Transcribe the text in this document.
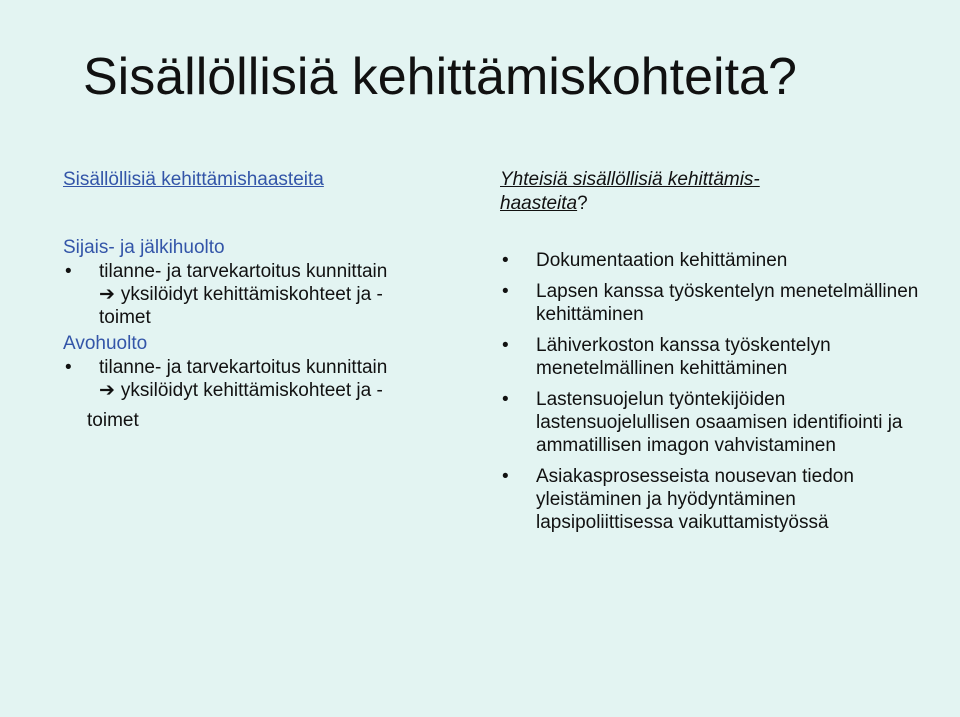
Sisällöllisiä kehittämiskohteita?

Sisällöllisiä kehittämishaasteita

Sijais- ja jälkihuolto

• tilanne- ja tarvekartoitus kunnittain
➔ yksilöidyt kehittämiskohteet ja -
toimet

Avohuolto

• tilanne- ja tarvekartoitus kunnittain
➔ yksilöidyt kehittämiskohteet ja -

toimet

Yhteisiä sisällöllisiä kehittämis-
haasteita?

• Dokumentaation kehittäminen
• Lapsen kanssa työskentelyn menetelmällinen kehittäminen
• Lähiverkoston kanssa työskentelyn menetelmällinen kehittäminen
• Lastensuojelun työntekijöiden lastensuojelullisen osaamisen identifiointi ja ammatillisen imagon vahvistaminen
• Asiakasprosesseista nousevan tiedon yleistäminen ja hyödyntäminen lapsipoliittisessa vaikuttamistyössä
